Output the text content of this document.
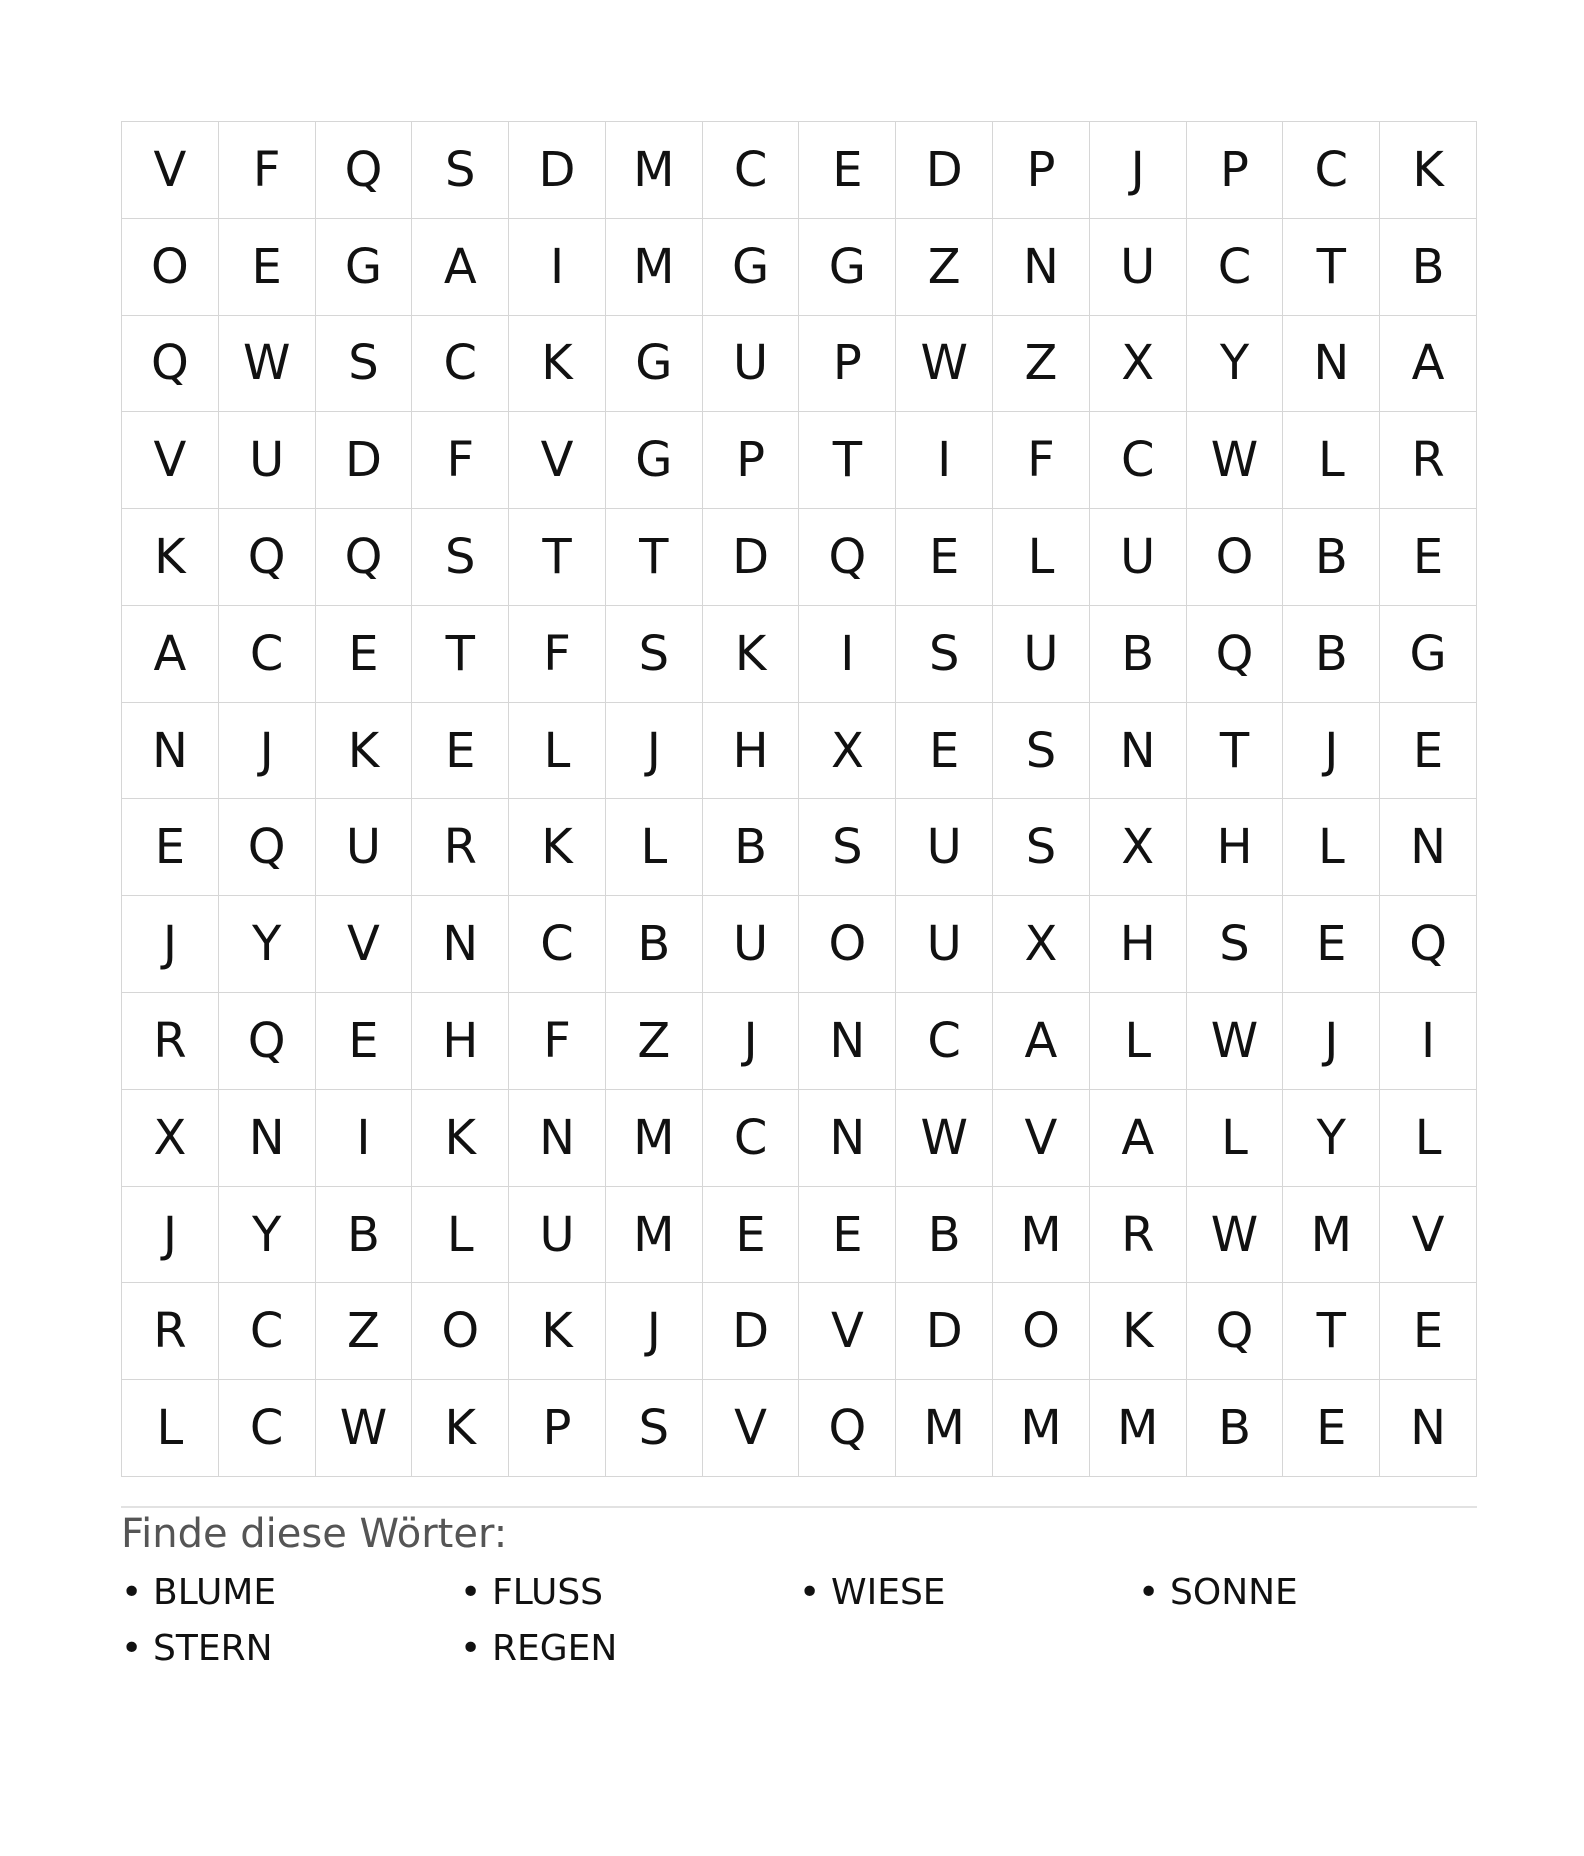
V	F	Q	S	D	M	C	E	D	P	J	P	C	K
O	E	G	A	I	M	G	G	Z	N	U	C	T	B
Q	W	S	C	K	G	U	P	W	Z	X	Y	N	A
V	U	D	F	V	G	P	T	I	F	C	W	L	R
K	Q	Q	S	T	T	D	Q	E	L	U	O	B	E
A	C	E	T	F	S	K	I	S	U	B	Q	B	G
N	J	K	E	L	J	H	X	E	S	N	T	J	E
E	Q	U	R	K	L	B	S	U	S	X	H	L	N
J	Y	V	N	C	B	U	O	U	X	H	S	E	Q
R	Q	E	H	F	Z	J	N	C	A	L	W	J	I
X	N	I	K	N	M	C	N	W	V	A	L	Y	L
J	Y	B	L	U	M	E	E	B	M	R	W	M	V
R	C	Z	O	K	J	D	V	D	O	K	Q	T	E
L	C	W	K	P	S	V	Q	M	M	M	B	E	N
Finde diese Wörter:
• BLUME	• FLUSS	• WIESE	• SONNE
• STERN	• REGEN
